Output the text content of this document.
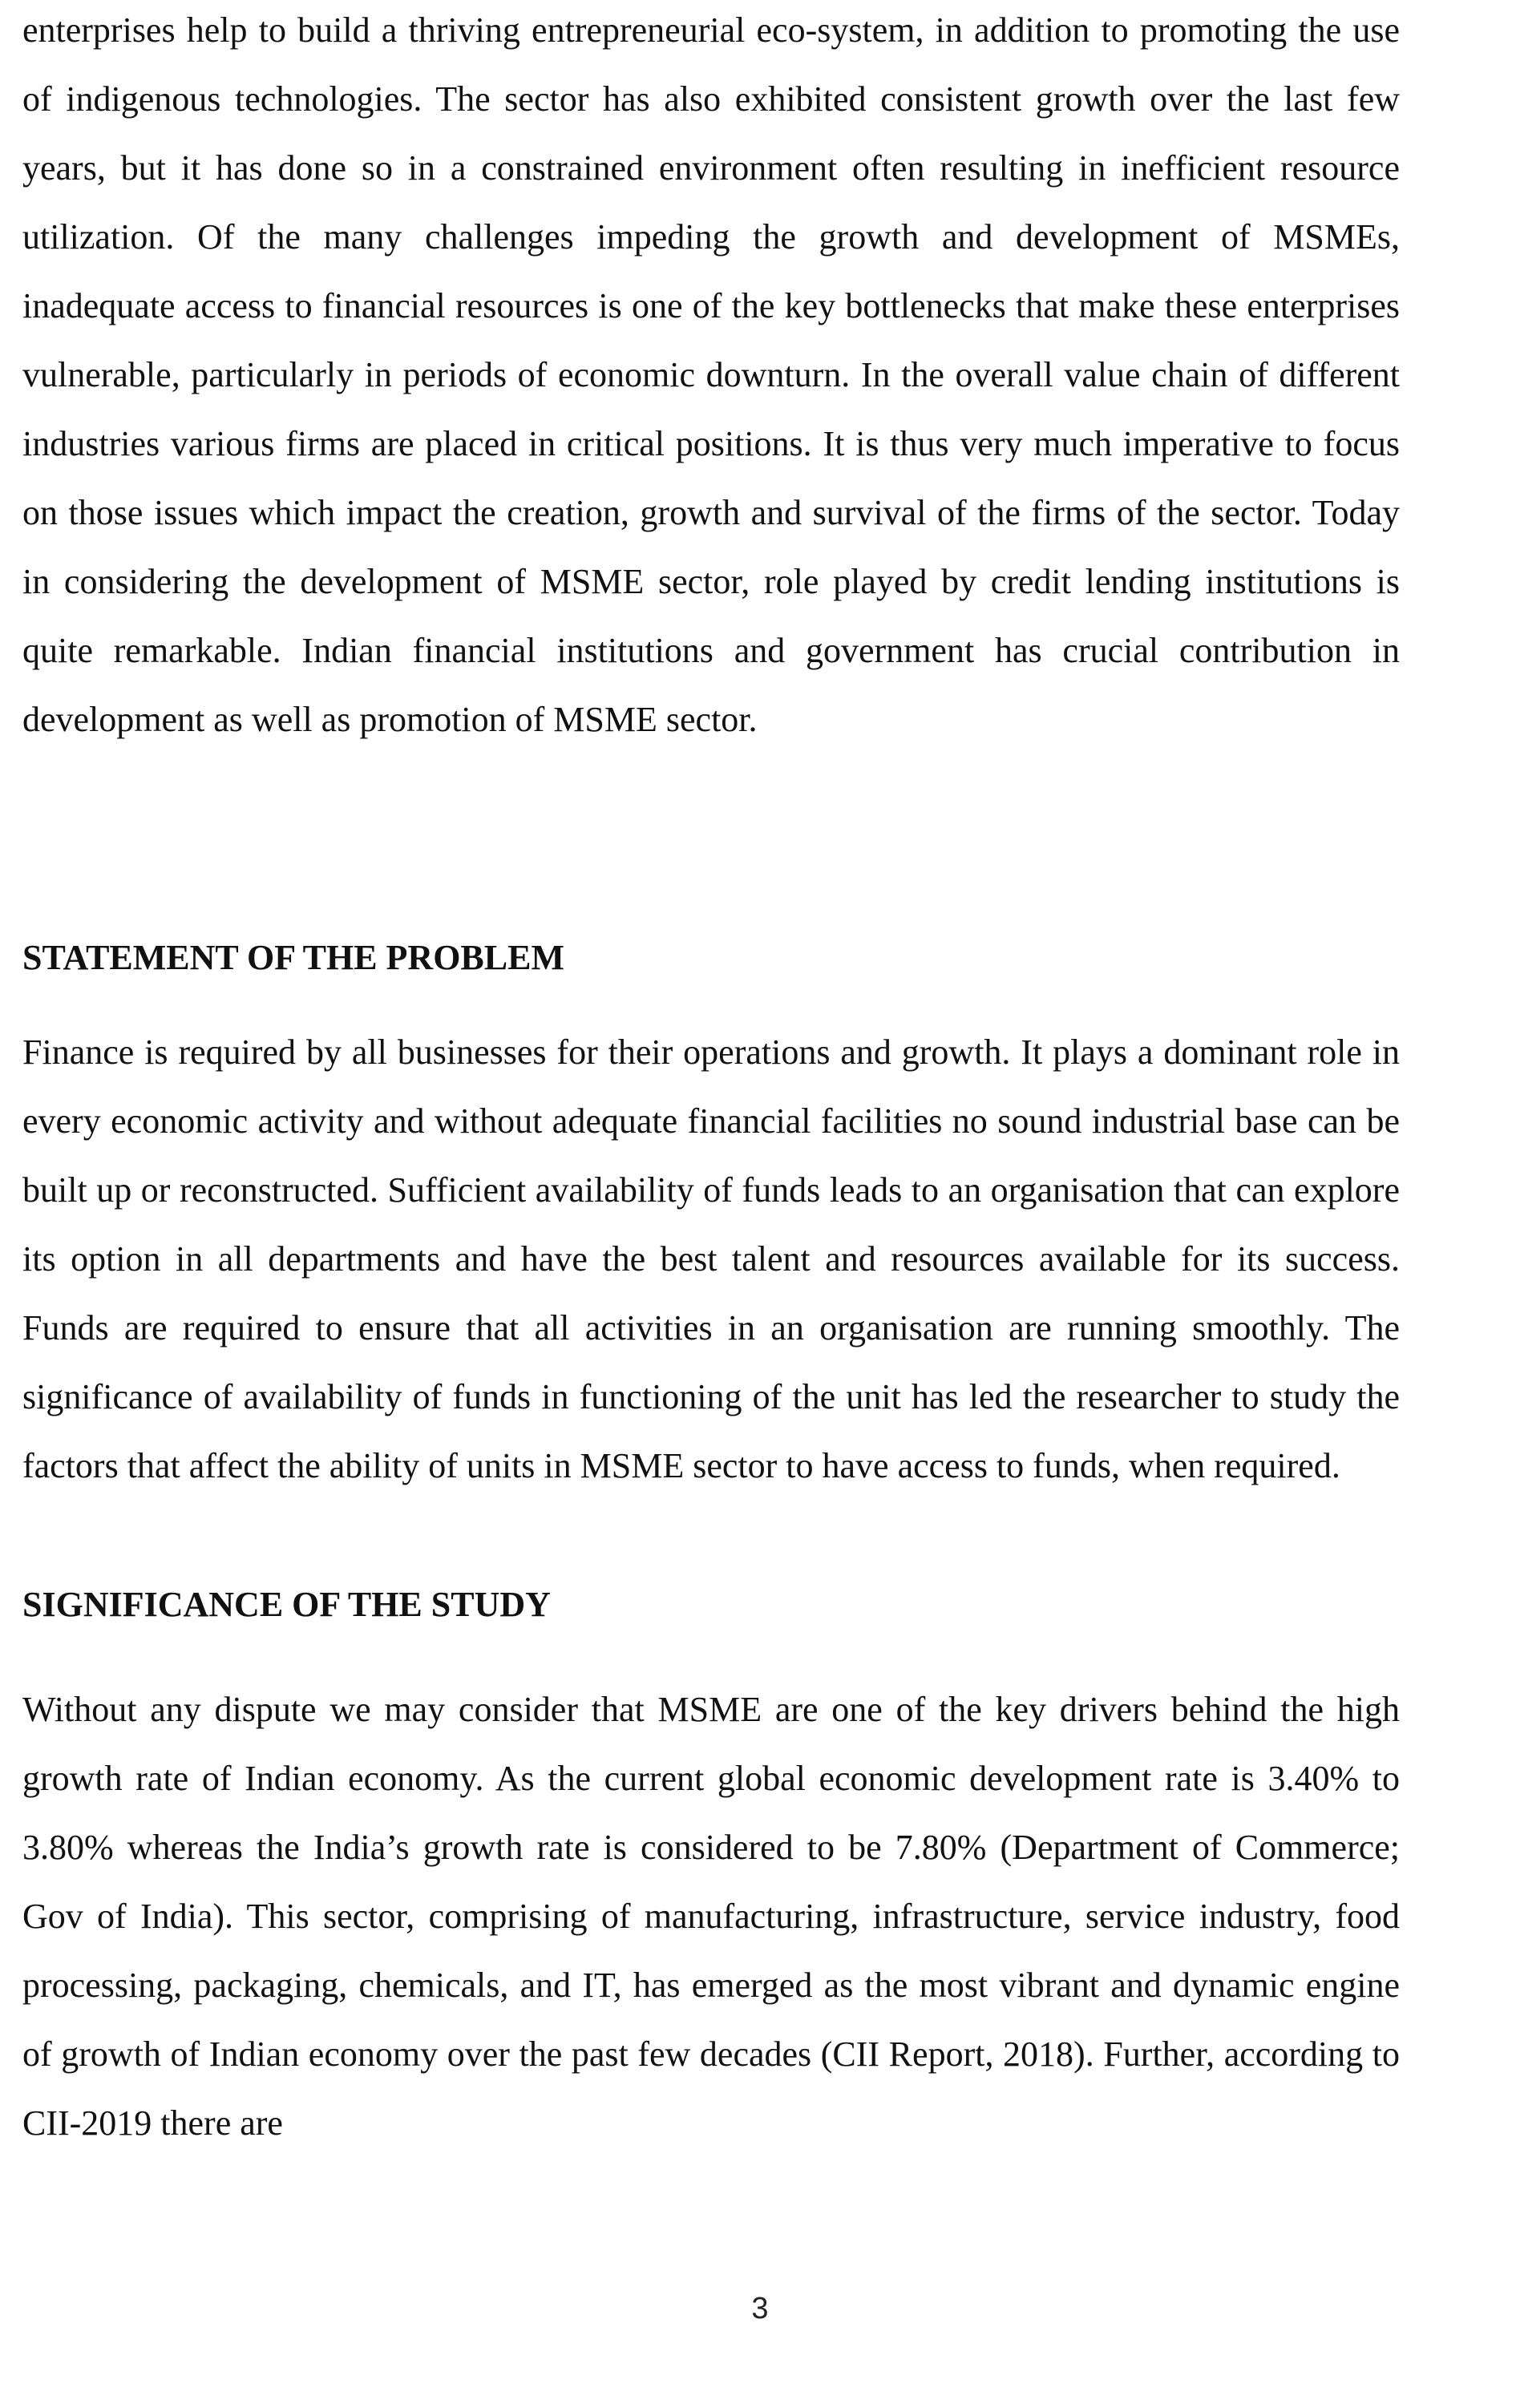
enterprises help to build a thriving entrepreneurial eco-system, in addition to promoting the use of indigenous technologies. The sector has also exhibited consistent growth over the last few years, but it has done so in a constrained environment often resulting in inefficient resource utilization. Of the many challenges impeding the growth and development of MSMEs, inadequate access to financial resources is one of the key bottlenecks that make these enterprises vulnerable, particularly in periods of economic downturn. In the overall value chain of different industries various firms are placed in critical positions. It is thus very much imperative to focus on those issues which impact the creation, growth and survival of the firms of the sector. Today in considering the development of MSME sector, role played by credit lending institutions is quite remarkable. Indian financial institutions and government has crucial contribution in development as well as promotion of MSME sector.

STATEMENT OF THE PROBLEM

Finance is required by all businesses for their operations and growth. It plays a dominant role in every economic activity and without adequate financial facilities no sound industrial base can be built up or reconstructed. Sufficient availability of funds leads to an organisation that can explore its option in all departments and have the best talent and resources available for its success. Funds are required to ensure that all activities in an organisation are running smoothly. The significance of availability of funds in functioning of the unit has led the researcher to study the factors that affect the ability of units in MSME sector to have access to funds, when required.

SIGNIFICANCE OF THE STUDY

Without any dispute we may consider that MSME are one of the key drivers behind the high growth rate of Indian economy. As the current global economic development rate is 3.40% to 3.80% whereas the India’s growth rate is considered to be 7.80% (Department of Commerce; Gov of India). This sector, comprising of manufacturing, infrastructure, service industry, food processing, packaging, chemicals, and IT, has emerged as the most vibrant and dynamic engine of growth of Indian economy over the past few decades (CII Report, 2018). Further, according to CII-2019 there are

3
